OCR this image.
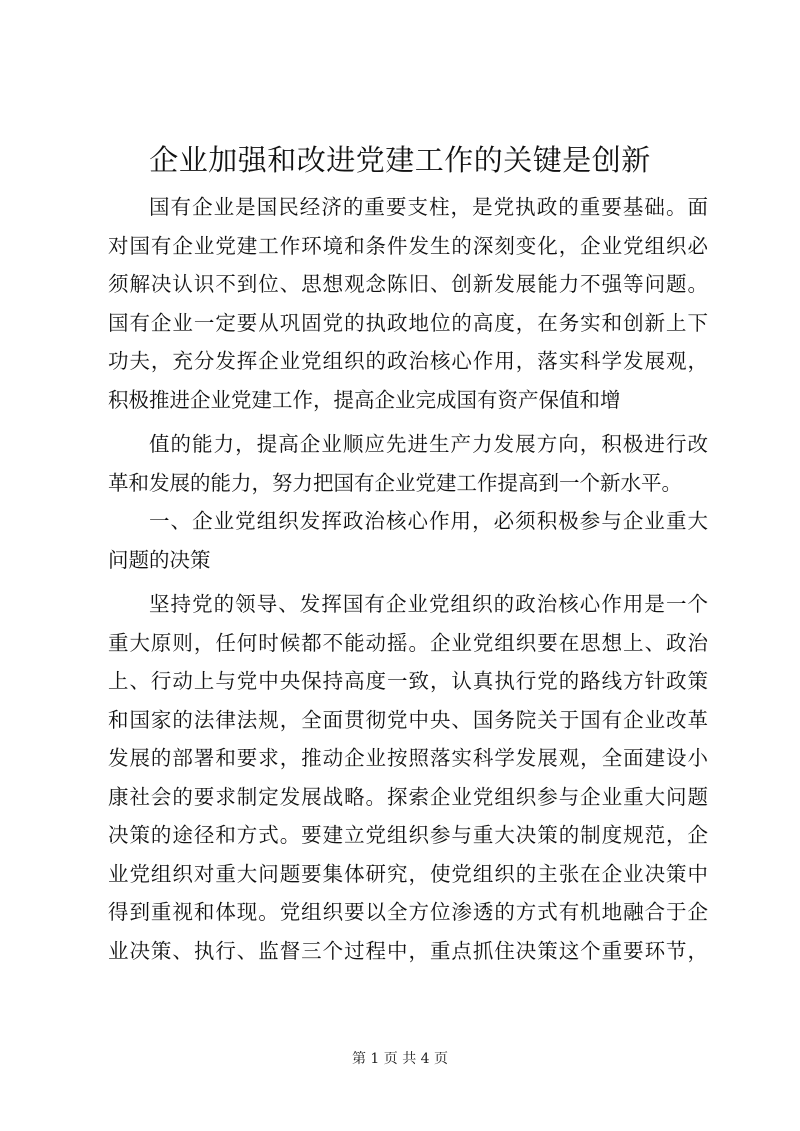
企业加强和改进党建工作的关键是创新
国有企业是国民经济的重要支柱，是党执政的重要基础。面
对国有企业党建工作环境和条件发生的深刻变化，企业党组织必
须解决认识不到位、思想观念陈旧、创新发展能力不强等问题。
国有企业一定要从巩固党的执政地位的高度，在务实和创新上下
功夫，充分发挥企业党组织的政治核心作用，落实科学发展观，
积极推进企业党建工作，提高企业完成国有资产保值和增
值的能力，提高企业顺应先进生产力发展方向，积极进行改
革和发展的能力，努力把国有企业党建工作提高到一个新水平。
一、企业党组织发挥政治核心作用，必须积极参与企业重大
问题的决策
坚持党的领导、发挥国有企业党组织的政治核心作用是一个
重大原则，任何时候都不能动摇。企业党组织要在思想上、政治
上、行动上与党中央保持高度一致，认真执行党的路线方针政策
和国家的法律法规，全面贯彻党中央、国务院关于国有企业改革
发展的部署和要求，推动企业按照落实科学发展观，全面建设小
康社会的要求制定发展战略。探索企业党组织参与企业重大问题
决策的途径和方式。要建立党组织参与重大决策的制度规范，企
业党组织对重大问题要集体研究，使党组织的主张在企业决策中
得到重视和体现。党组织要以全方位渗透的方式有机地融合于企
业决策、执行、监督三个过程中，重点抓住决策这个重要环节，
第 1 页 共 4 页
